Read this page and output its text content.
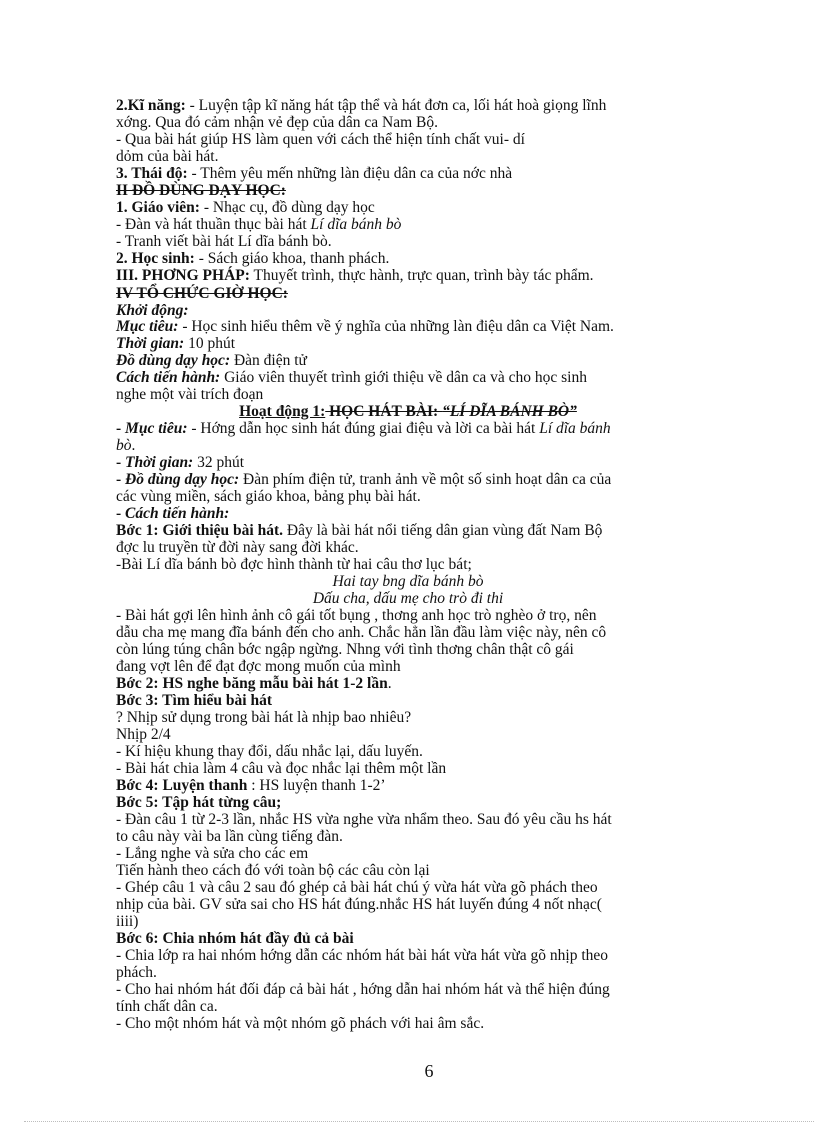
2.Kĩ năng: - Luyện tập kĩ năng hát tập thể và hát đơn ca, lối hát hoà giọng lĩnh
xớng. Qua đó cảm nhận vẻ đẹp của dân ca Nam Bộ.
- Qua bài hát giúp HS làm quen với cách thể hiện tính chất vui- dí
dỏm của bài hát.
3. Thái độ: - Thêm yêu mến những làn điệu dân ca của nớc nhà
II ĐỒ DÙNG DẠY HỌC:
1. Giáo viên: - Nhạc cụ, đồ dùng dạy học
- Đàn và hát thuần thục bài hát Lí dĩa bánh bò
- Tranh viết bài hát Lí dĩa bánh bò.
2. Học sinh: - Sách giáo khoa, thanh phách.
III. PHƠNG PHÁP: Thuyết trình, thực hành, trực quan, trình bày tác phẩm.
IV TỔ CHỨC GIỜ HỌC:
Khởi động:
Mục tiêu: - Học sinh hiểu thêm về ý nghĩa của những làn điệu dân ca Việt Nam.
Thời gian: 10 phút
Đồ dùng dạy học: Đàn điện tử
Cách tiến hành: Giáo viên thuyết trình giới thiệu về dân ca và cho học sinh
nghe một vài trích đoạn
Hoạt động 1: HỌC HÁT BÀI: “LÍ DĨA BÁNH BÒ”
- Mục tiêu: - Hớng dẫn học sinh hát đúng giai điệu và lời ca bài hát Lí dĩa bánh
bò.
- Thời gian: 32 phút
- Đồ dùng dạy học: Đàn phím điện tử, tranh ảnh về một số sinh hoạt dân ca của
các vùng miền, sách giáo khoa, bảng phụ bài hát.
- Cách tiến hành:
Bớc 1: Giới thiệu bài hát. Đây là bài hát nổi tiếng dân gian vùng đất Nam Bộ
đợc lu truyền từ đời này sang đời khác.
-Bài Lí dĩa bánh bò đợc hình thành từ hai câu thơ lục bát;
Hai tay bng dĩa bánh bò
Dấu cha, dấu mẹ cho trò đi thi
- Bài hát gợi lên hình ảnh cô gái tốt bụng , thơng anh học trò nghèo ở trọ, nên
dẫu cha mẹ mang đĩa bánh đến cho anh. Chắc hẳn lần đầu làm việc này, nên cô
còn lúng túng chân bớc ngập ngừng. Nhng với tình thơng chân thật cô gái
đang vợt lên để đạt đợc mong muốn của mình
Bớc 2: HS nghe băng mẫu bài hát 1-2 lần.
Bớc 3: Tìm hiểu bài hát
? Nhịp sử dụng trong bài hát là nhịp bao nhiêu?
Nhịp 2/4
- Kí hiệu khung thay đổi, dấu nhắc lại, dấu luyến.
- Bài hát chia làm 4 câu và đọc nhắc lại thêm một lần
Bớc 4: Luyện thanh : HS luyện thanh 1-2’
Bớc 5: Tập hát từng câu;
- Đàn câu 1 từ 2-3 lần, nhắc HS vừa nghe vừa nhẩm theo. Sau đó yêu cầu hs hát
to câu này vài ba lần cùng tiếng đàn.
- Lắng nghe và sửa cho các em
Tiến hành theo cách đó với toàn bộ các câu còn lại
- Ghép câu 1 và câu 2 sau đó ghép cả bài hát chú ý vừa hát vừa gõ phách theo
nhịp của bài. GV sửa sai cho HS hát đúng.nhắc HS hát luyến đúng 4 nốt nhạc(
iiii)
Bớc 6: Chia nhóm hát đầy đủ cả bài
- Chia lớp ra hai nhóm hớng dẫn các nhóm hát bài hát vừa hát vừa gõ nhịp theo
phách.
- Cho hai nhóm hát đối đáp cả bài hát , hớng dẫn hai nhóm hát và thể hiện đúng
tính chất dân ca.
- Cho một nhóm hát và một nhóm gõ phách với hai âm sắc.
6
